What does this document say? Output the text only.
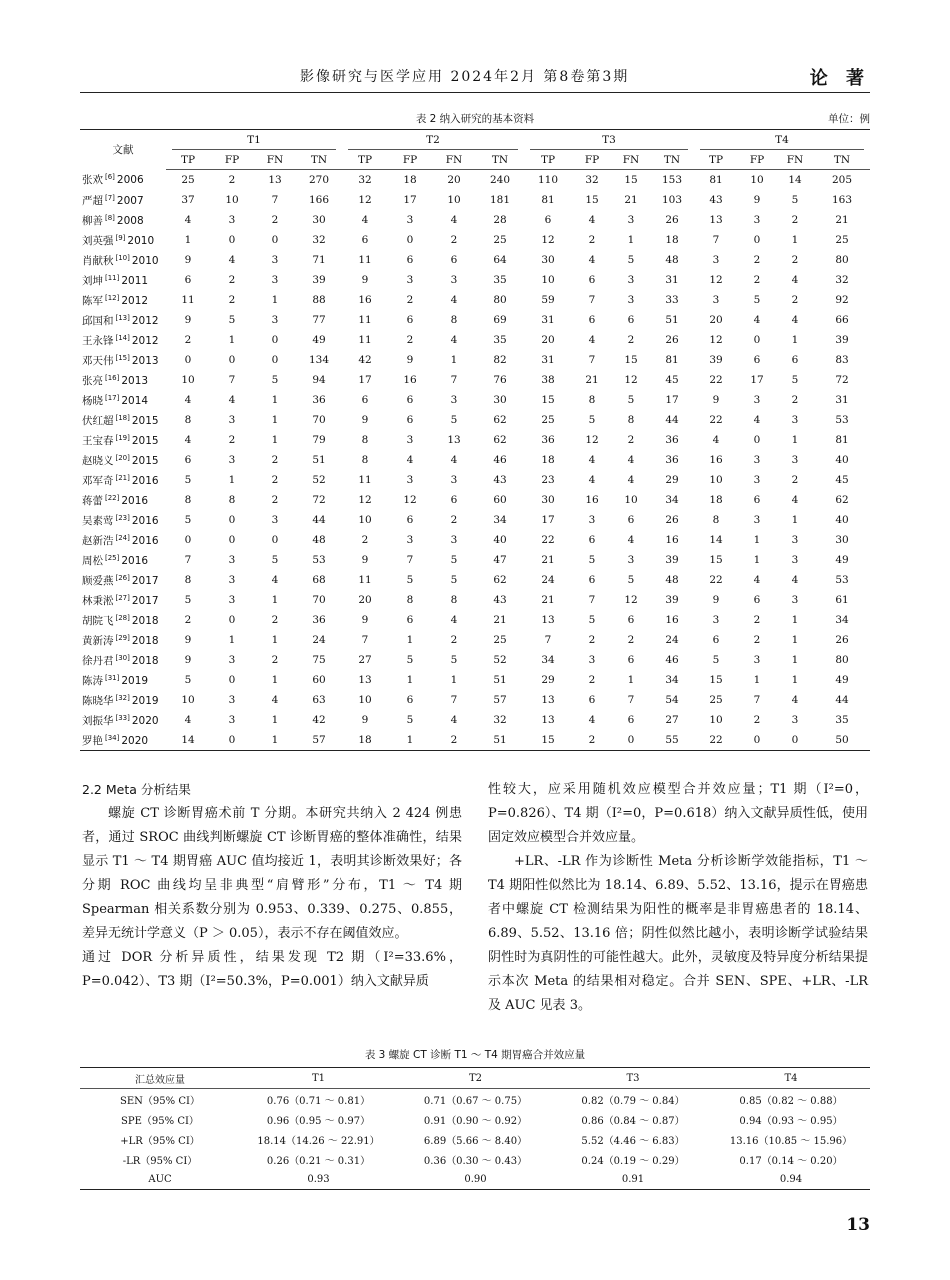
影像研究与医学应用 2024年2月 第8卷第3期	论 著
表 2 纳入研究的基本资料	单位：例
文献	T1				T2				T3				T4			

	TP	FP	FN	TN	TP	FP	FN	TN	TP	FP	FN	TN	TP	FP	FN	TN
张欢 [6] 2006	25	2	13	270	32	18	20	240	110	32	15	153	81	10	14	205
严超 [7] 2007	37	10	7	166	12	17	10	181	81	15	21	103	43	9	5	163
柳善 [8] 2008	4	3	2	30	4	3	4	28	6	4	3	26	13	3	2	21
刘英强 [9] 2010	1	0	0	32	6	0	2	25	12	2	1	18	7	0	1	25
肖献秋 [10] 2010	9	4	3	71	11	6	6	64	30	4	5	48	3	2	2	80
刘坤 [11] 2011	6	2	3	39	9	3	3	35	10	6	3	31	12	2	4	32
陈军 [12] 2012	11	2	1	88	16	2	4	80	59	7	3	33	3	5	2	92
邱国和 [13] 2012	9	5	3	77	11	6	8	69	31	6	6	51	20	4	4	66
王永锋 [14] 2012	2	1	0	49	11	2	4	35	20	4	2	26	12	0	1	39
邓天伟 [15] 2013	0	0	0	134	42	9	1	82	31	7	15	81	39	6	6	83
张亮 [16] 2013	10	7	5	94	17	16	7	76	38	21	12	45	22	17	5	72
杨晓 [17] 2014	4	4	1	36	6	6	3	30	15	8	5	17	9	3	2	31
伏红超 [18] 2015	8	3	1	70	9	6	5	62	25	5	8	44	22	4	3	53
王宝春 [19] 2015	4	2	1	79	8	3	13	62	36	12	2	36	4	0	1	81
赵晓义 [20] 2015	6	3	2	51	8	4	4	46	18	4	4	36	16	3	3	40
邓军奇 [21] 2016	5	1	2	52	11	3	3	43	23	4	4	29	10	3	2	45
蒋蕾 [22] 2016	8	8	2	72	12	12	6	60	30	16	10	34	18	6	4	62
吴素莺 [23] 2016	5	0	3	44	10	6	2	34	17	3	6	26	8	3	1	40
赵新浩 [24] 2016	0	0	0	48	2	3	3	40	22	6	4	16	14	1	3	30
周松 [25] 2016	7	3	5	53	9	7	5	47	21	5	3	39	15	1	3	49
顾爱燕 [26] 2017	8	3	4	68	11	5	5	62	24	6	5	48	22	4	4	53
林秉淞 [27] 2017	5	3	1	70	20	8	8	43	21	7	12	39	9	6	3	61
胡院飞 [28] 2018	2	0	2	36	9	6	4	21	13	5	6	16	3	2	1	34
黄新涛 [29] 2018	9	1	1	24	7	1	2	25	7	2	2	24	6	2	1	26
徐丹君 [30] 2018	9	3	2	75	27	5	5	52	34	3	6	46	5	3	1	80
陈涛 [31] 2019	5	0	1	60	13	1	1	51	29	2	1	34	15	1	1	49
陈晓华 [32] 2019	10	3	4	63	10	6	7	57	13	6	7	54	25	7	4	44
刘振华 [33] 2020	4	3	1	42	9	5	4	32	13	4	6	27	10	2	3	35
罗艳 [34] 2020	14	0	1	57	18	1	2	51	15	2	0	55	22	0	0	50

2.2 Meta 分析结果

螺旋 CT 诊断胃癌术前 T 分期。本研究共纳入 2 424 例患者，通过 SROC 曲线判断螺旋 CT 诊断胃癌的整体准确性，结果显示 T1 ～ T4 期胃癌 AUC 值均接近 1，表明其诊断效果好；各分期 ROC 曲线均呈非典型“肩臂形”分布，T1 ～ T4 期 Spearman 相关系数分别为 0.953、0.339、0.275、0.855，差异无统计学意义（P ＞ 0.05），表示不存在阈值效应。

通过 DOR 分析异质性，结果发现 T2 期（I²=33.6%，P=0.042）、T3 期（I²=50.3%，P=0.001）纳入文献异质

性较大，应采用随机效应模型合并效应量；T1 期（I²=0，P=0.826）、T4 期（I²=0，P=0.618）纳入文献异质性低，使用固定效应模型合并效应量。

+LR、-LR 作为诊断性 Meta 分析诊断学效能指标，T1 ～ T4 期阳性似然比为 18.14、6.89、5.52、13.16，提示在胃癌患者中螺旋 CT 检测结果为阳性的概率是非胃癌患者的 18.14、6.89、5.52、13.16 倍；阴性似然比越小，表明诊断学试验结果阴性时为真阴性的可能性越大。此外，灵敏度及特异度分析结果提示本次 Meta 的结果相对稳定。合并 SEN、SPE、+LR、-LR 及 AUC 见表 3。

表 3 螺旋 CT 诊断 T1 ～ T4 期胃癌合并效应量
汇总效应量	T1	T2	T3	T4
SEN（95% CI）	0.76（0.71 ～ 0.81）	0.71（0.67 ～ 0.75）	0.82（0.79 ～ 0.84）	0.85（0.82 ～ 0.88）
SPE（95% CI）	0.96（0.95 ～ 0.97）	0.91（0.90 ～ 0.92）	0.86（0.84 ～ 0.87）	0.94（0.93 ～ 0.95）
+LR（95% CI）	18.14（14.26 ～ 22.91）	6.89（5.66 ～ 8.40）	5.52（4.46 ～ 6.83）	13.16（10.85 ～ 15.96）
-LR（95% CI）	0.26（0.21 ～ 0.31）	0.36（0.30 ～ 0.43）	0.24（0.19 ～ 0.29）	0.17（0.14 ～ 0.20）
AUC	0.93	0.90	0.91	0.94
13
